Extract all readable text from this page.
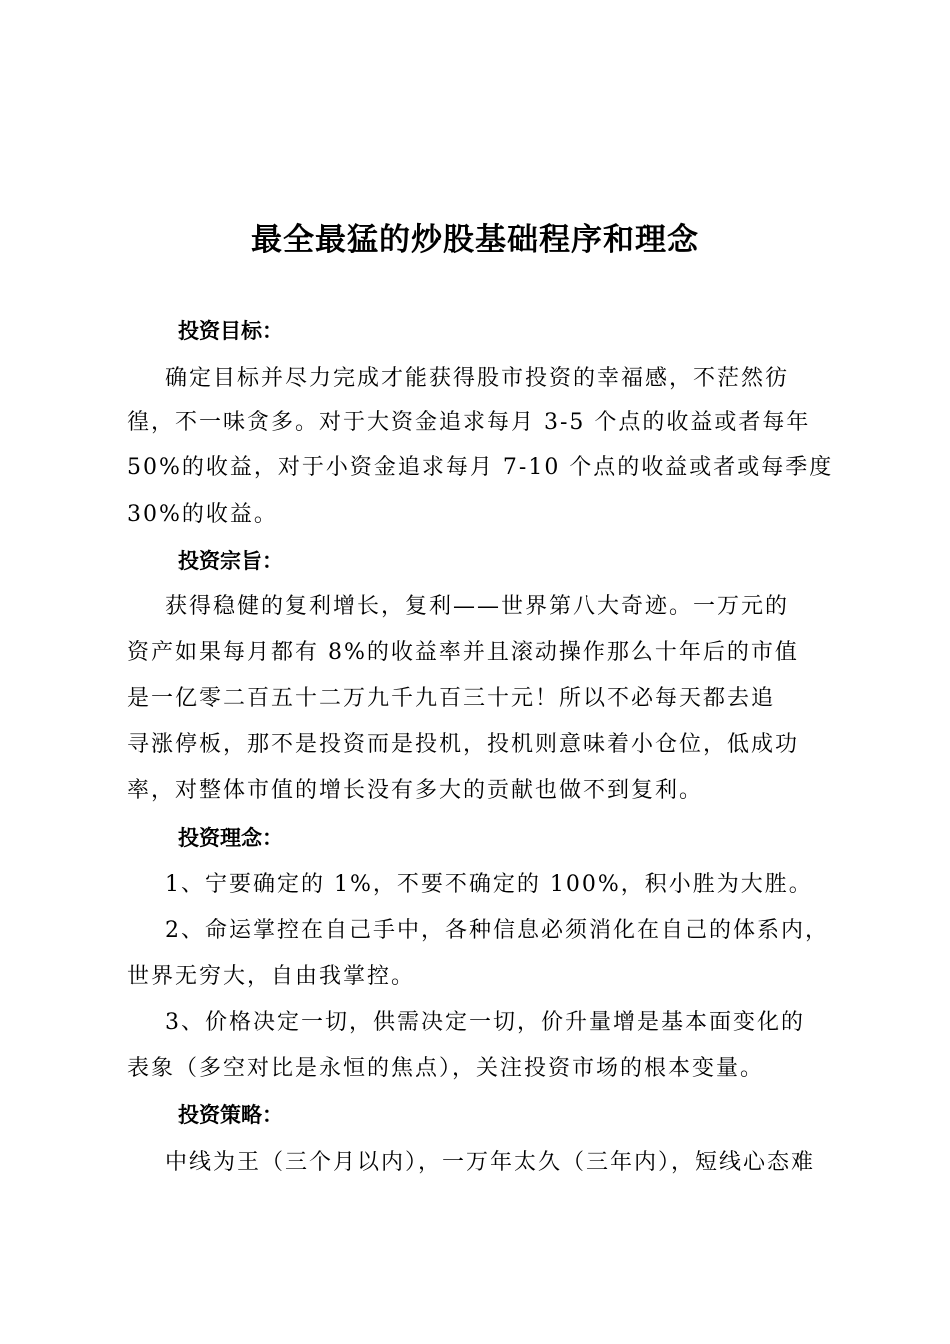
最全最猛的炒股基础程序和理念
投资目标：
确定目标并尽力完成才能获得股市投资的幸福感，不茫然彷
徨，不一味贪多。对于大资金追求每月 3-5 个点的收益或者每年
50%的收益，对于小资金追求每月 7-10 个点的收益或者或每季度
30%的收益。
投资宗旨：
获得稳健的复利增长，复利——世界第八大奇迹。一万元的
资产如果每月都有 8%的收益率并且滚动操作那么十年后的市值
是一亿零二百五十二万九千九百三十元！所以不必每天都去追
寻涨停板，那不是投资而是投机，投机则意味着小仓位，低成功
率，对整体市值的增长没有多大的贡献也做不到复利。
投资理念：
1、宁要确定的 1%，不要不确定的 100%，积小胜为大胜。
2、命运掌控在自己手中，各种信息必须消化在自己的体系内，
世界无穷大，自由我掌控。
3、价格决定一切，供需决定一切，价升量增是基本面变化的
表象（多空对比是永恒的焦点），关注投资市场的根本变量。
投资策略：
中线为王（三个月以内），一万年太久（三年内），短线心态难
